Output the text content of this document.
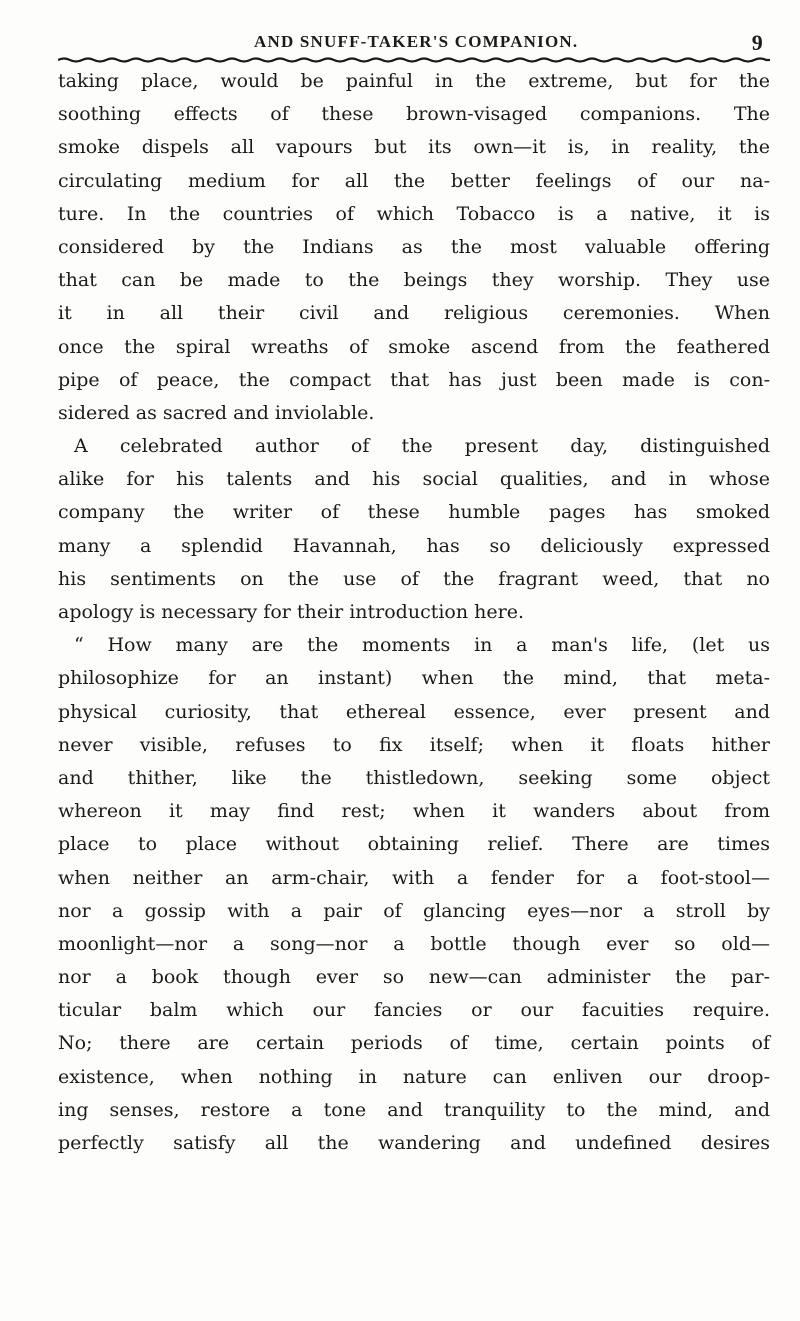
AND SNUFF-TAKER'S COMPANION.	9
taking place, would be painful in the extreme, but for the
soothing effects of these brown-visaged companions. The
smoke dispels all vapours but its own—it is, in reality, the
circulating medium for all the better feelings of our na-
ture. In the countries of which Tobacco is a native, it is
considered by the Indians as the most valuable offering
that can be made to the beings they worship. They use
it in all their civil and religious ceremonies. When
once the spiral wreaths of smoke ascend from the feathered
pipe of peace, the compact that has just been made is con-
sidered as sacred and inviolable.
A celebrated author of the present day, distinguished
alike for his talents and his social qualities, and in whose
company the writer of these humble pages has smoked
many a splendid Havannah, has so deliciously expressed
his sentiments on the use of the fragrant weed, that no
apology is necessary for their introduction here.
“ How many are the moments in a man's life, (let us
philosophize for an instant) when the mind, that meta-
physical curiosity, that ethereal essence, ever present and
never visible, refuses to fix itself; when it floats hither
and thither, like the thistledown, seeking some object
whereon it may find rest; when it wanders about from
place to place without obtaining relief. There are times
when neither an arm-chair, with a fender for a foot-stool—
nor a gossip with a pair of glancing eyes—nor a stroll by
moonlight—nor a song—nor a bottle though ever so old—
nor a book though ever so new—can administer the par-
ticular balm which our fancies or our facuities require.
No; there are certain periods of time, certain points of
existence, when nothing in nature can enliven our droop-
ing senses, restore a tone and tranquility to the mind, and
perfectly satisfy all the wandering and undefined desires
